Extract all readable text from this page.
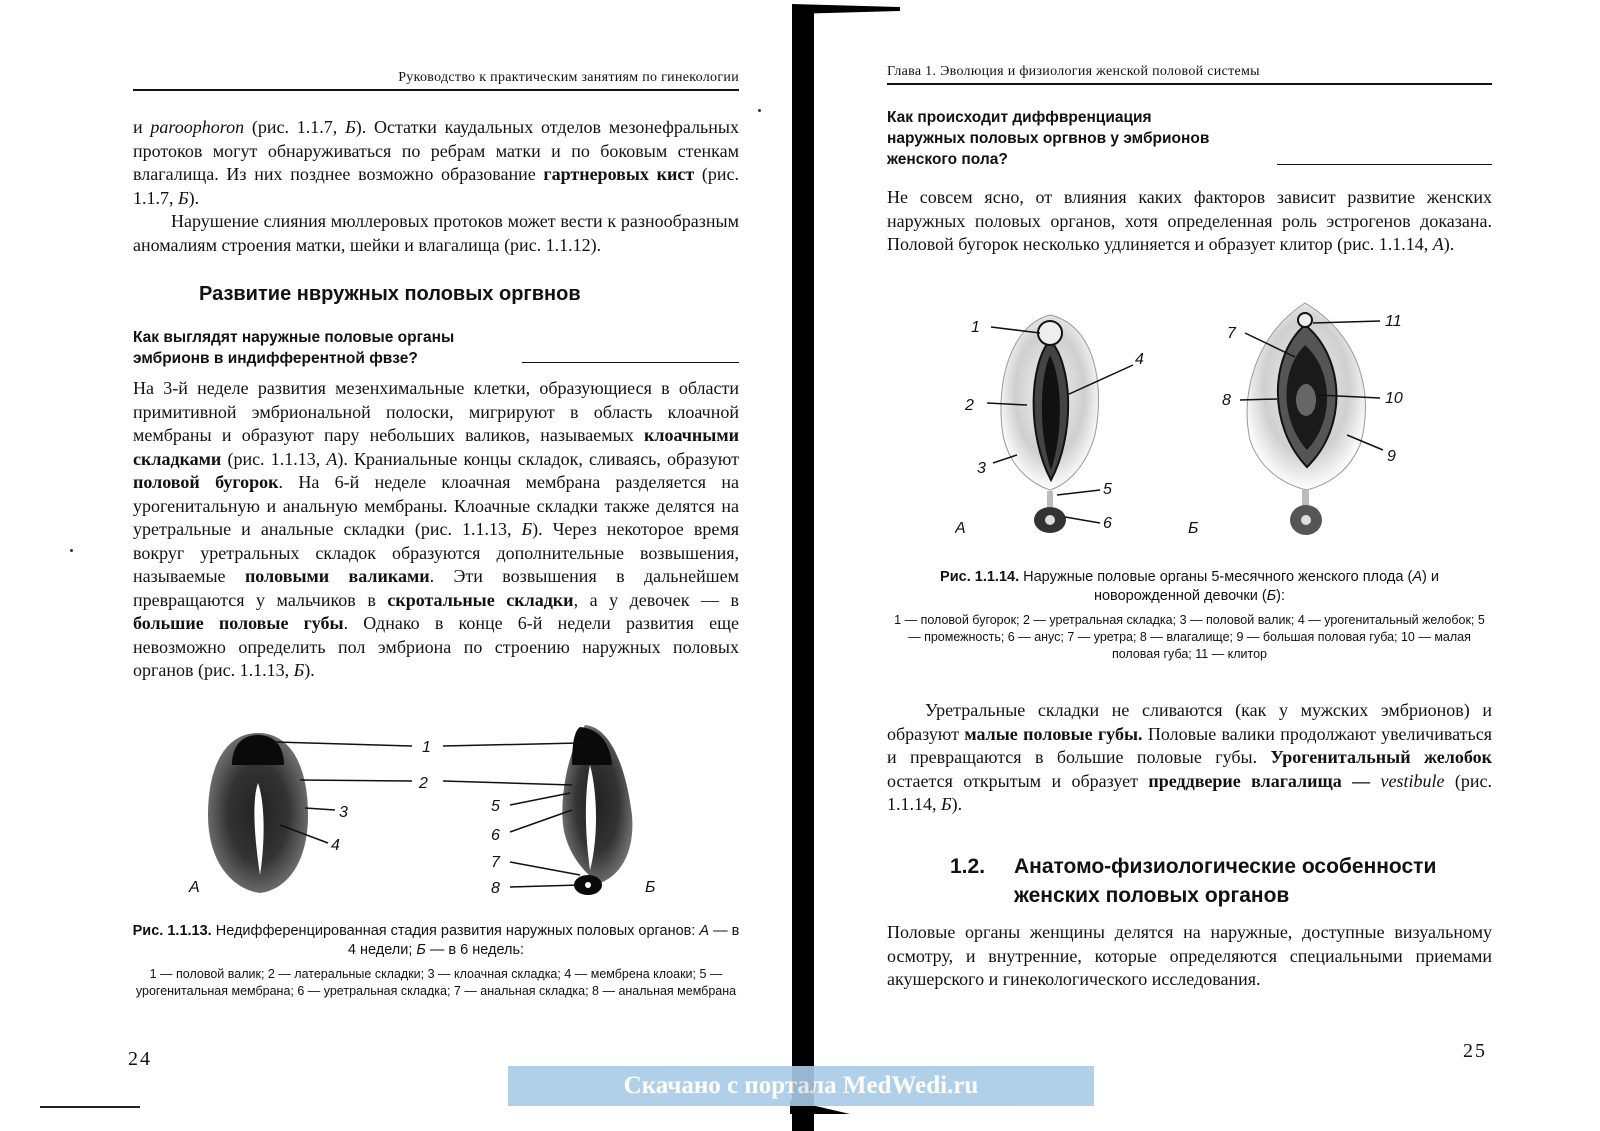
Руководство к практическим занятиям по гинекологии
и paroophoron (рис. 1.1.7, Б). Остатки каудальных отделов мезонефральных протоков могут обнаруживаться по ребрам матки и по боковым стенкам влагалища. Из них позднее возможно образование гартнеровых кист (рис. 1.1.7, Б).
Нарушение слияния мюллеровых протоков может вести к разнообразным аномалиям строения матки, шейки и влагалища (рис. 1.1.12).
Развитие нвружных половых оргвнов
Как выглядят наружные половые органы
эмбрионв в индифферентной фвзе?
На 3-й неделе развития мезенхимальные клетки, образующиеся в области примитивной эмбриональной полоски, мигрируют в область клоачной мембраны и образуют пару небольших валиков, называемых клоачными складками (рис. 1.1.13, А). Краниальные концы складок, сливаясь, образуют половой бугорок. На 6-й неделе клоачная мембрана разделяется на урогенитальную и анальную мембраны. Клоачные складки также делятся на уретральные и анальные складки (рис. 1.1.13, Б). Через некоторое время вокруг уретральных складок образуются дополнительные возвышения, называемые половыми валиками. Эти возвышения в дальнейшем превращаются у мальчиков в скротальные складки, а у девочек — в большие половые губы. Однако в конце 6-й недели развития еще невозможно определить пол эмбриона по строению наружных половых органов (рис. 1.1.13, Б).
1
2
3
4
5
6
7
8
А	Б
Рис. 1.1.13. Недифференцированная стадия развития наружных половых органов: А — в 4 недели; Б — в 6 недель:
1 — половой валик; 2 — латеральные складки; 3 — клоачная складка; 4 — мембрена клоаки; 5 — урогенитальная мембрана; 6 — уретральная складка; 7 — анальная складка; 8 — анальная мембрана
24
Глава 1. Эволюция и физиология женской половой системы
Как происходит диффвренциация
наружных половых оргвнов у эмбрионов
женского пола?
Не совсем ясно, от влияния каких факторов зависит развитие женских наружных половых органов, хотя определенная роль эстрогенов доказана. Половой бугорок несколько удлиняется и образует клитор (рис. 1.1.14, А).
1
2
3
4
5
6
7
8
9
10
11
А	Б
Рис. 1.1.14. Наружные половые органы 5-месячного женского плода (А) и новорожденной девочки (Б):
1 — половой бугорок; 2 — уретральная складка; 3 — половой валик; 4 — урогенитальный желобок; 5 — промежность; 6 — анус; 7 — уретра; 8 — влагалище; 9 — большая половая губа; 10 — малая половая губа; 11 — клитор
Уретральные складки не сливаются (как у мужских эмбрионов) и образуют малые половые губы. Половые валики продолжают увеличиваться и превращаются в большие половые губы. Урогенитальный желобок остается открытым и образует преддверие влагалища — vestibule (рис. 1.1.14, Б).
1.2. Анатомо-физиологические особенности женских половых органов
Половые органы женщины делятся на наружные, доступные визуальному осмотру, и внутренние, которые определяются специальными приемами акушерского и гинекологического исследования.
25
Скачано с портала MedWedi.ru
